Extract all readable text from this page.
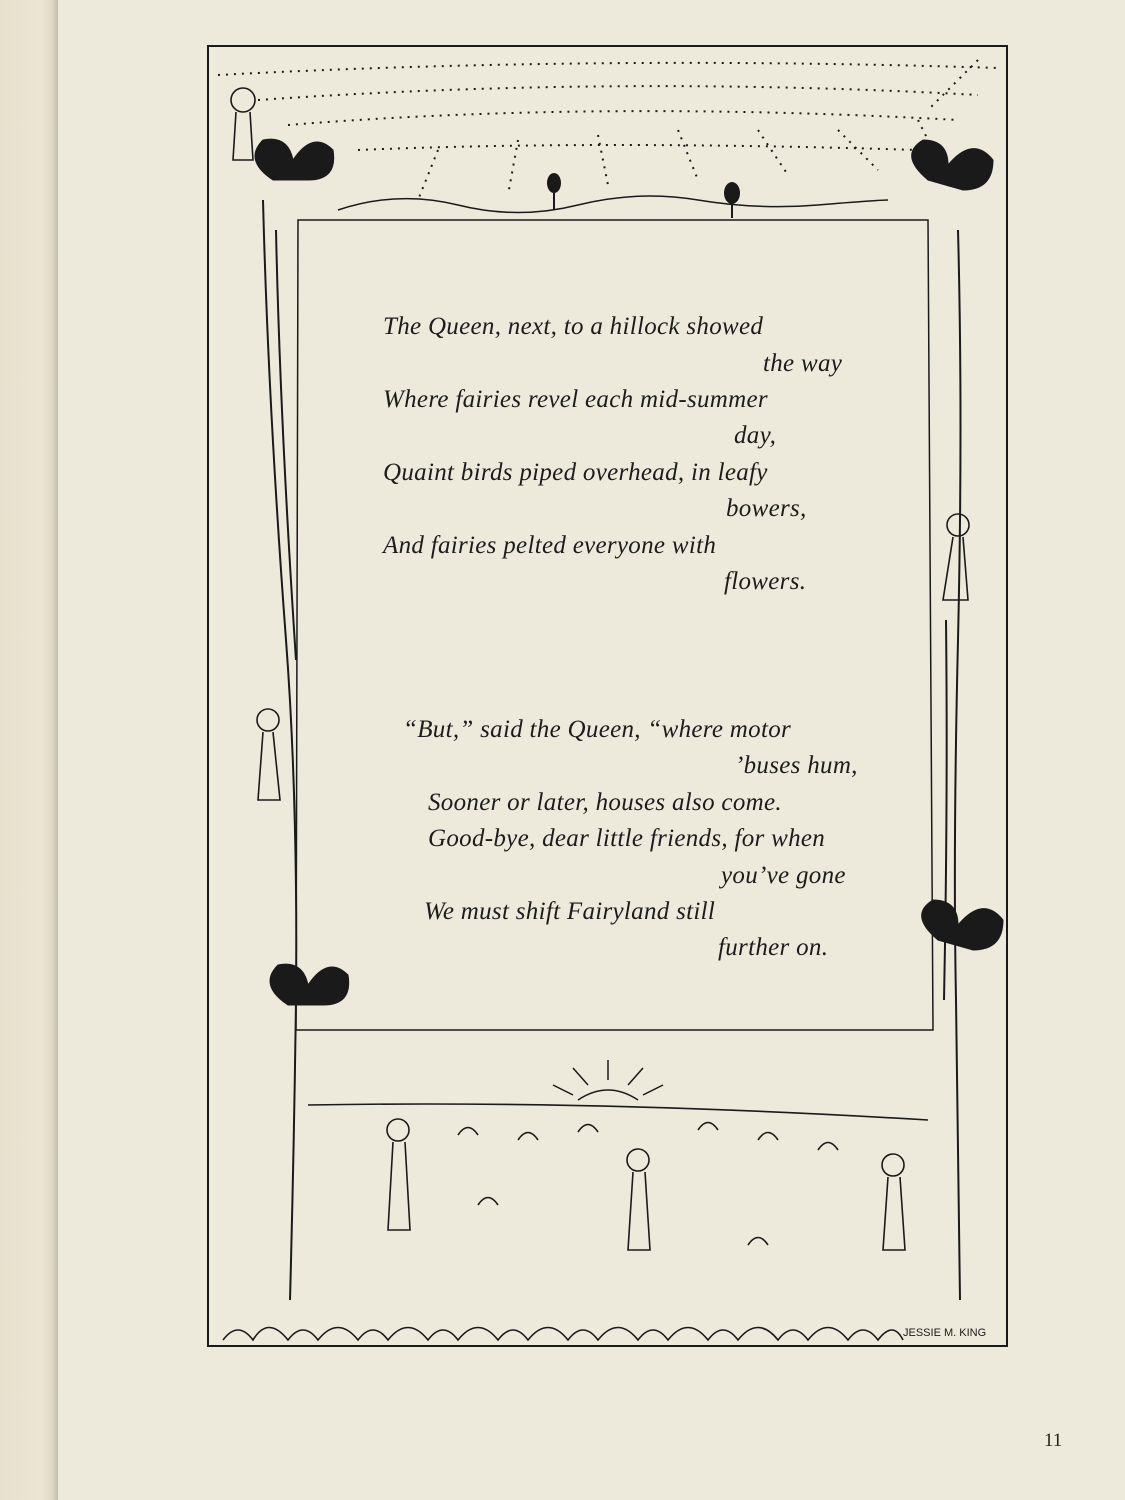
JESSIE M. KING
The Queen, next, to a hillock showed
the way
Where fairies revel each mid-summer
day,
Quaint birds piped overhead, in leafy
bowers,
And fairies pelted everyone with
flowers.
“But,” said the Queen, “where motor
’buses hum,
Sooner or later, houses also come.
Good-bye, dear little friends, for when
you’ve gone
We must shift Fairyland still
further on.
11
